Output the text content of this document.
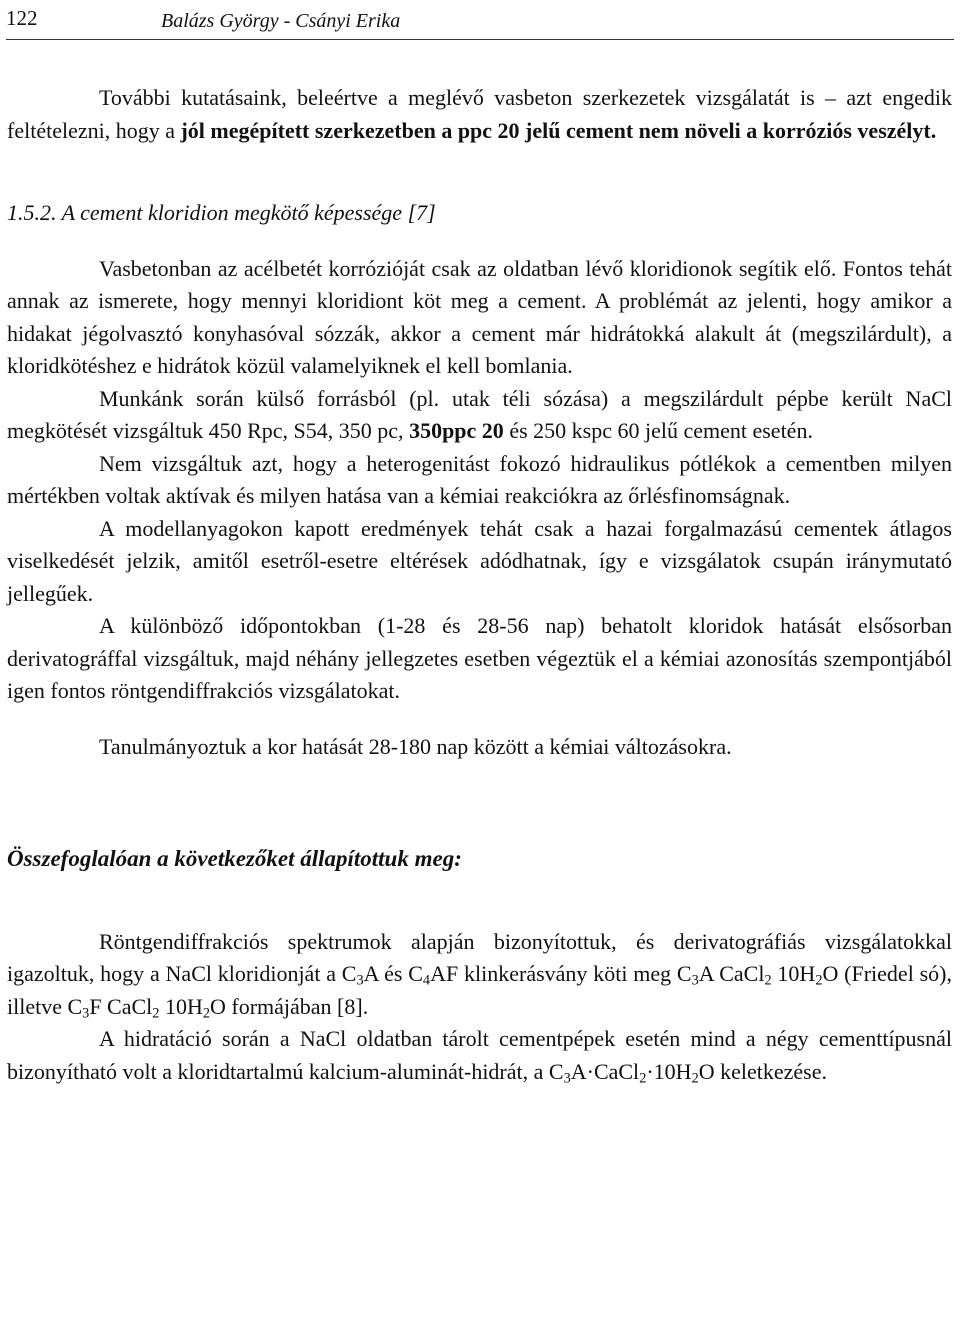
122	Balázs György - Csányi Erika

További kutatásaink, beleértve a meglévő vasbeton szerkezetek vizsgálatát is – azt engedik feltételezni, hogy a jól megépített szerkezetben a ppc 20 jelű cement nem növeli a korróziós veszélyt.

1.5.2. A cement kloridion megkötő képessége [7]

Vasbetonban az acélbetét korrózióját csak az oldatban lévő kloridionok segítik elő. Fontos tehát annak az ismerete, hogy mennyi kloridiont köt meg a cement. A problémát az jelenti, hogy amikor a hidakat jégolvasztó konyhasóval sózzák, akkor a cement már hidrátokká alakult át (megszilárdult), a kloridkötéshez e hidrátok közül valamelyiknek el kell bomlania.

Munkánk során külső forrásból (pl. utak téli sózása) a megszilárdult pépbe került NaCl megkötését vizsgáltuk 450 Rpc, S54, 350 pc, 350ppc 20 és 250 kspc 60 jelű cement esetén.

Nem vizsgáltuk azt, hogy a heterogenitást fokozó hidraulikus pótlékok a cementben milyen mértékben voltak aktívak és milyen hatása van a kémiai reakciókra az őrlésfinomságnak.

A modellanyagokon kapott eredmények tehát csak a hazai forgalmazású cementek átlagos viselkedését jelzik, amitől esetről-esetre eltérések adódhatnak, így e vizsgálatok csupán iránymutató jellegűek.

A különböző időpontokban (1-28 és 28-56 nap) behatolt kloridok hatását elsősorban derivatográffal vizsgáltuk, majd néhány jellegzetes esetben végeztük el a kémiai azonosítás szempontjából igen fontos röntgendiffrakciós vizsgálatokat.

Tanulmányoztuk a kor hatását 28-180 nap között a kémiai változásokra.

Összefoglalóan a következőket állapítottuk meg:

Röntgendiffrakciós spektrumok alapján bizonyítottuk, és derivatográfiás vizsgálatokkal igazoltuk, hogy a NaCl kloridionját a $C_3A$ és $C_4AF$ klinkerásvány köti meg $C_3A$ CaCl$_2$ $10H_2O$ (Friedel só), illetve $C_3F$ CaCl$_2$ $10H_2O$ formájában [8].

A hidratáció során a NaCl oldatban tárolt cementpépek esetén mind a négy cementtípusnál bizonyítható volt a kloridtartalmú kalcium-aluminát-hidrát, a $C_3A\cdot CaCl_2\cdot 10H_2O$ keletkezése.
